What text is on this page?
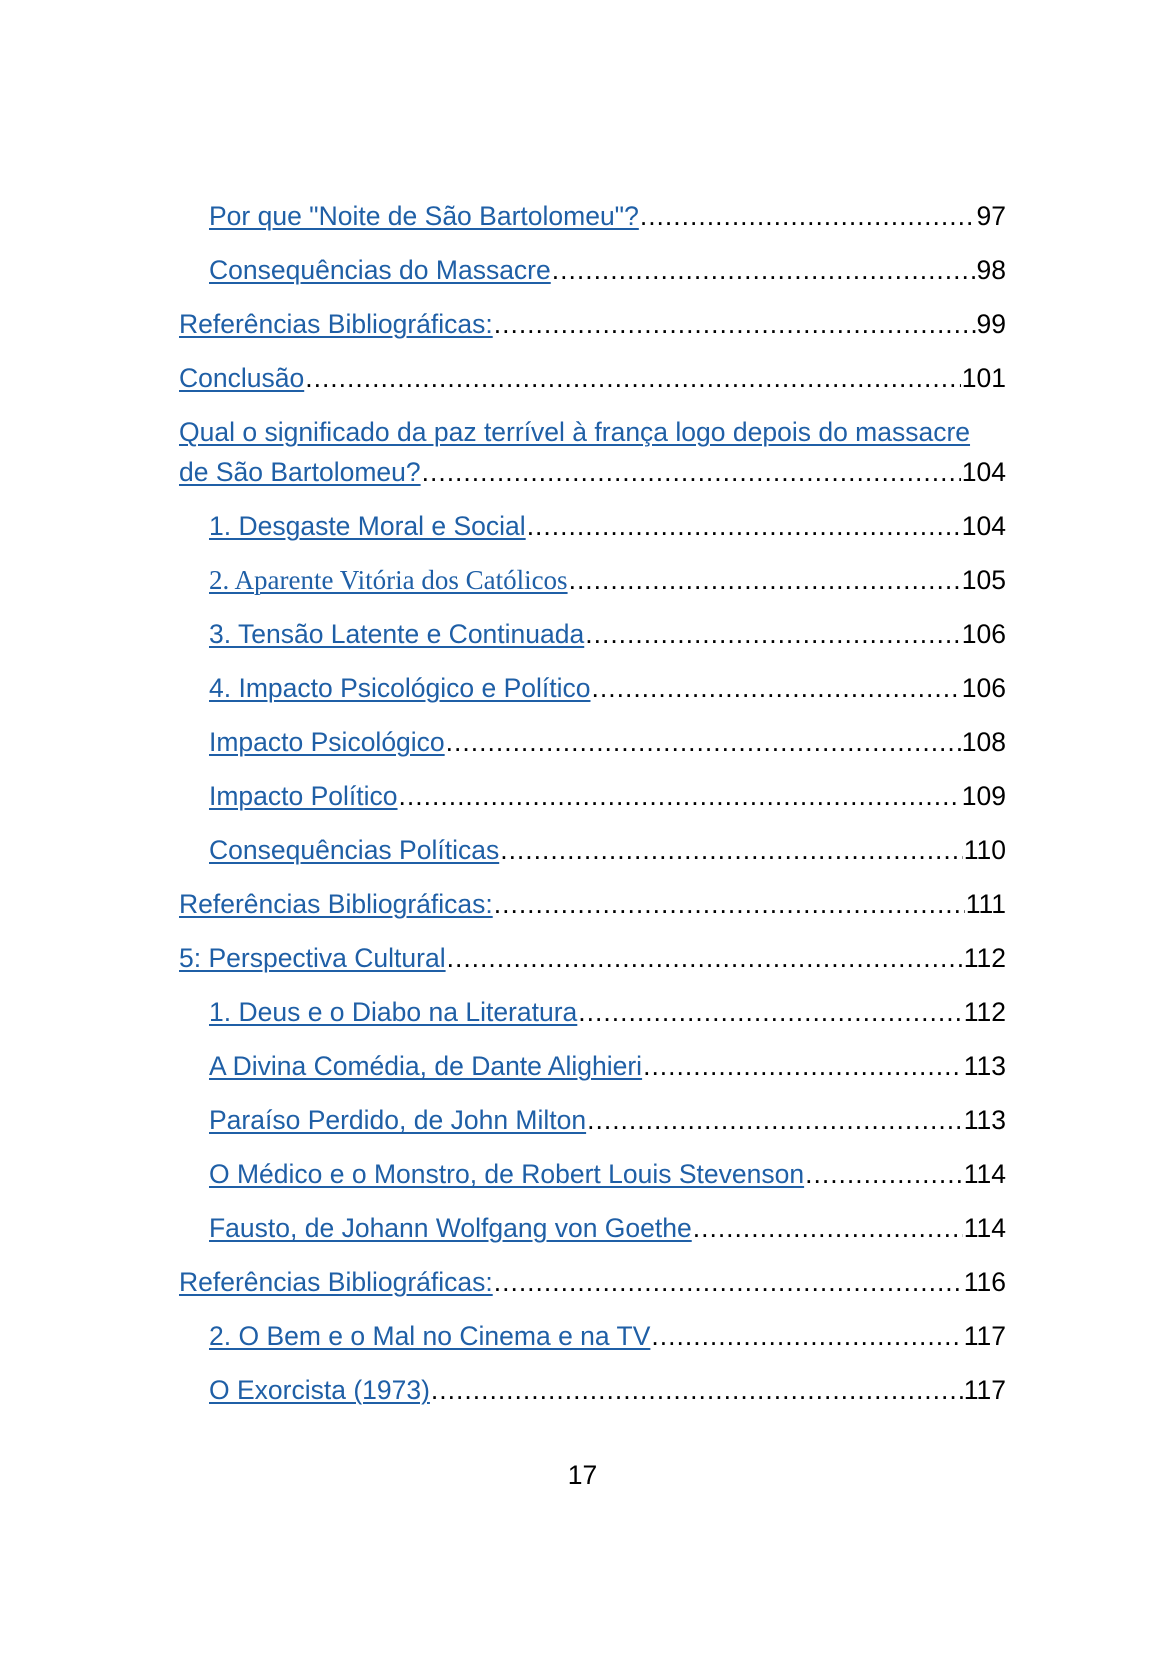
Por que "Noite de São Bartolomeu"? .....	97
Consequências do Massacre .....	98
Referências Bibliográficas: .....	99
Conclusão .....	101
Qual o significado da paz terrível à frança logo depois do massacre
de São Bartolomeu? .....	104
1. Desgaste Moral e Social .....	104
2. Aparente Vitória dos Católicos .....	105
3. Tensão Latente e Continuada .....	106
4. Impacto Psicológico e Político .....	106
Impacto Psicológico .....	108
Impacto Político .....	109
Consequências Políticas .....	110
Referências Bibliográficas: .....	111
5: Perspectiva Cultural .....	112
1. Deus e o Diabo na Literatura .....	112
A Divina Comédia, de Dante Alighieri .....	113
Paraíso Perdido, de John Milton .....	113
O Médico e o Monstro, de Robert Louis Stevenson .....	114
Fausto, de Johann Wolfgang von Goethe .....	114
Referências Bibliográficas: .....	116
2. O Bem e o Mal no Cinema e na TV .....	117
O Exorcista (1973) .....	117
17
